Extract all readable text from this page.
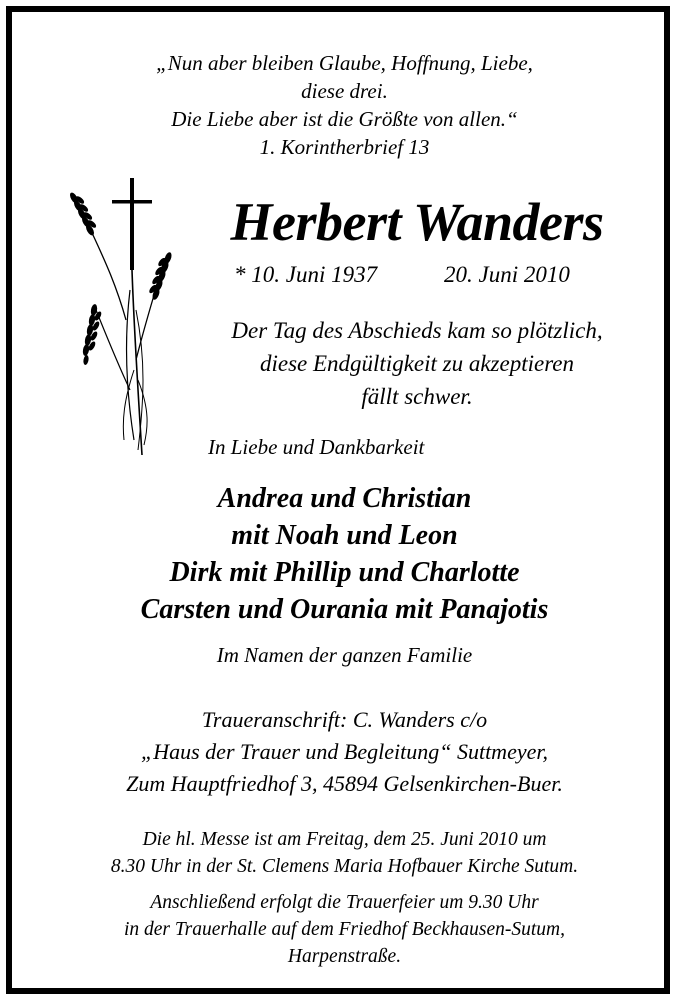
„Nun aber bleiben Glaube, Hoffnung, Liebe,
diese drei.
Die Liebe aber ist die Größte von allen.“
1. Korintherbrief 13
Herbert Wanders
* 10. Juni 1937	20. Juni 2010
Der Tag des Abschieds kam so plötzlich,
diese Endgültigkeit zu akzeptieren
fällt schwer.
In Liebe und Dankbarkeit
Andrea und Christian
mit Noah und Leon
Dirk mit Phillip und Charlotte
Carsten und Ourania mit Panajotis
Im Namen der ganzen Familie
Traueranschrift: C. Wanders c/o
„Haus der Trauer und Begleitung“ Suttmeyer,
Zum Hauptfriedhof 3, 45894 Gelsenkirchen-Buer.
Die hl. Messe ist am Freitag, dem 25. Juni 2010 um
8.30 Uhr in der St. Clemens Maria Hofbauer Kirche Sutum.
Anschließend erfolgt die Trauerfeier um 9.30 Uhr
in der Trauerhalle auf dem Friedhof Beckhausen-Sutum,
Harpenstraße.
